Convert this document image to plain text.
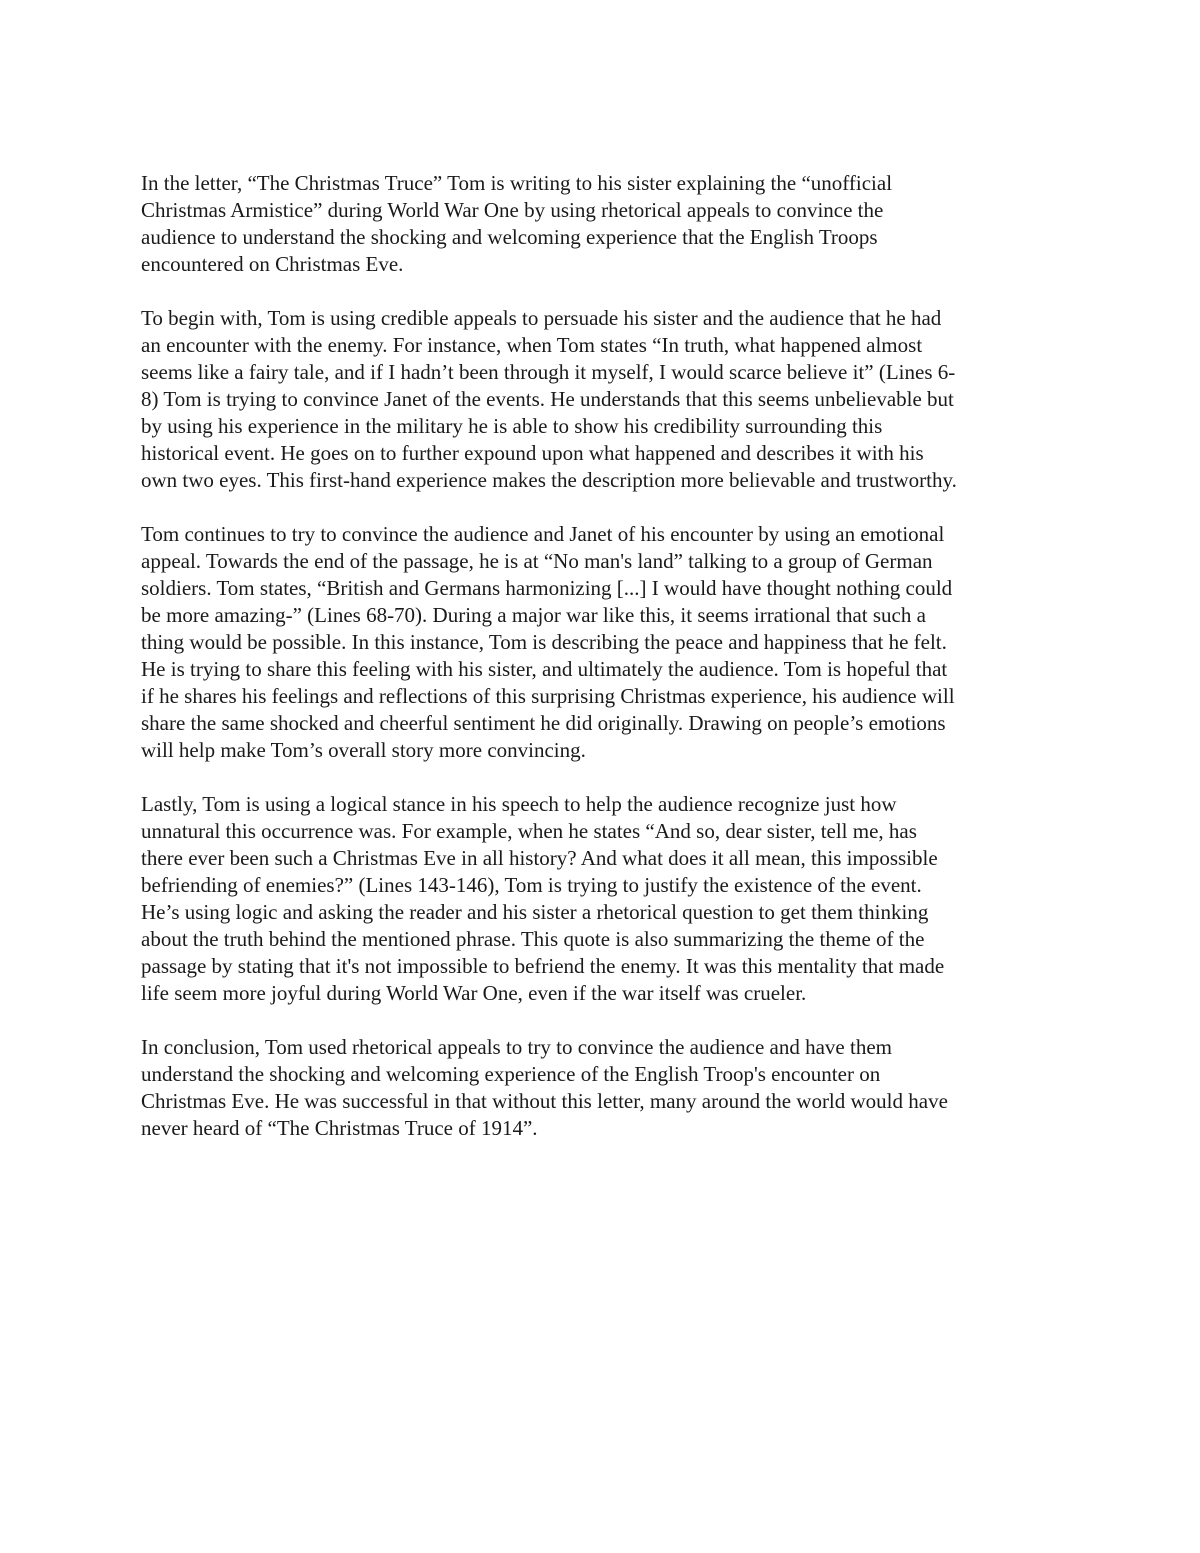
In the letter, “The Christmas Truce” Tom is writing to his sister explaining the “unofficial
Christmas Armistice” during World War One by using rhetorical appeals to convince the
audience to understand the shocking and welcoming experience that the English Troops
encountered on Christmas Eve.
To begin with, Tom is using credible appeals to persuade his sister and the audience that he had
an encounter with the enemy. For instance, when Tom states “In truth, what happened almost
seems like a fairy tale, and if I hadn’t been through it myself, I would scarce believe it” (Lines 6-
8) Tom is trying to convince Janet of the events. He understands that this seems unbelievable but
by using his experience in the military he is able to show his credibility surrounding this
historical event. He goes on to further expound upon what happened and describes it with his
own two eyes. This first-hand experience makes the description more believable and trustworthy.
Tom continues to try to convince the audience and Janet of his encounter by using an emotional
appeal. Towards the end of the passage, he is at “No man's land” talking to a group of German
soldiers. Tom states, “British and Germans harmonizing [...] I would have thought nothing could
be more amazing-” (Lines 68-70). During a major war like this, it seems irrational that such a
thing would be possible. In this instance, Tom is describing the peace and happiness that he felt.
He is trying to share this feeling with his sister, and ultimately the audience. Tom is hopeful that
if he shares his feelings and reflections of this surprising Christmas experience, his audience will
share the same shocked and cheerful sentiment he did originally. Drawing on people’s emotions
will help make Tom’s overall story more convincing.
Lastly, Tom is using a logical stance in his speech to help the audience recognize just how
unnatural this occurrence was. For example, when he states “And so, dear sister, tell me, has
there ever been such a Christmas Eve in all history? And what does it all mean, this impossible
befriending of enemies?” (Lines 143-146), Tom is trying to justify the existence of the event.
He’s using logic and asking the reader and his sister a rhetorical question to get them thinking
about the truth behind the mentioned phrase. This quote is also summarizing the theme of the
passage by stating that it's not impossible to befriend the enemy. It was this mentality that made
life seem more joyful during World War One, even if the war itself was crueler.
In conclusion, Tom used rhetorical appeals to try to convince the audience and have them
understand the shocking and welcoming experience of the English Troop's encounter on
Christmas Eve. He was successful in that without this letter, many around the world would have
never heard of “The Christmas Truce of 1914”.
